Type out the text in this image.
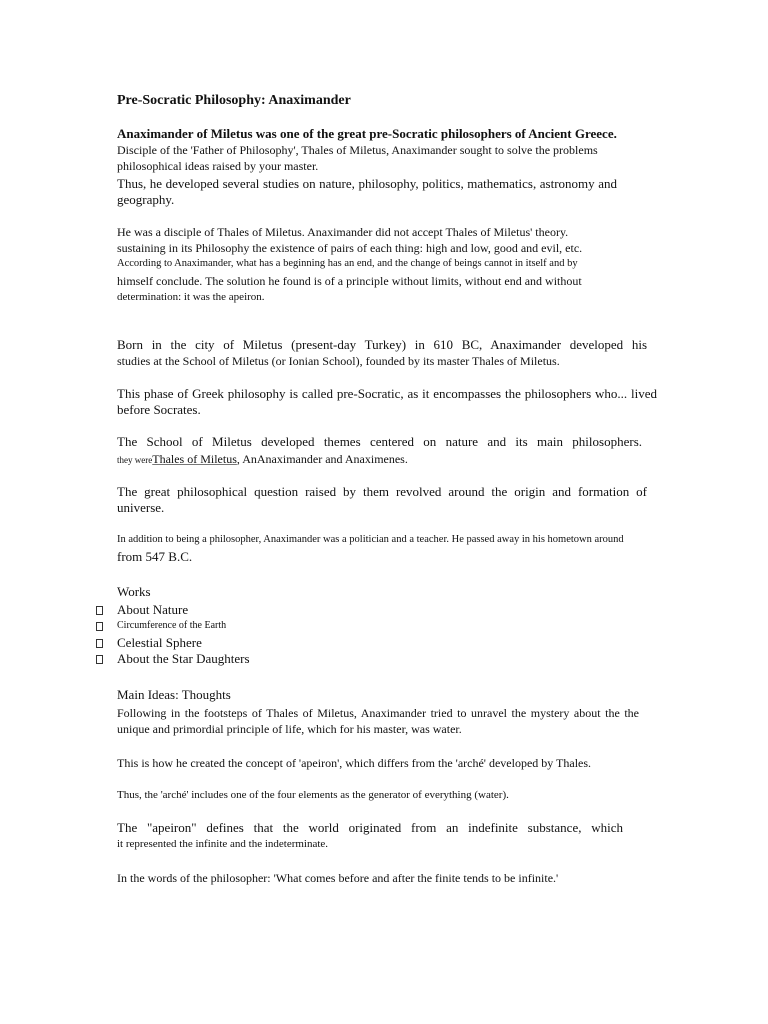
Pre-Socratic Philosophy: Anaximander

Anaximander of Miletus was one of the great pre-Socratic philosophers of Ancient Greece.

Disciple of the 'Father of Philosophy', Thales of Miletus, Anaximander sought to solve the problems

philosophical ideas raised by your master.

Thus, he developed several studies on nature, philosophy, politics, mathematics, astronomy and geography.

He was a disciple of Thales of Miletus. Anaximander did not accept Thales of Miletus' theory.

sustaining in its Philosophy the existence of pairs of each thing: high and low, good and evil, etc.

According to Anaximander, what has a beginning has an end, and the change of beings cannot in itself and by

himself conclude. The solution he found is of a principle without limits, without end and without

determination: it was the apeiron.

Born in the city of Miletus (present-day Turkey) in 610 BC, Anaximander developed his

studies at the School of Miletus (or Ionian School), founded by its master Thales of Miletus.

This phase of Greek philosophy is called pre-Socratic, as it encompasses the philosophers who... lived before Socrates.

The School of Miletus developed themes centered on nature and its main philosophers.

they wereThales of Miletus, AnAnaximander and Anaximenes.

The great philosophical question raised by them revolved around the origin and formation of universe.

In addition to being a philosopher, Anaximander was a politician and a teacher. He passed away in his hometown around

from 547 B.C.

Works

About Nature
Circumference of the Earth
Celestial Sphere
About the Star Daughters

Main Ideas: Thoughts

Following in the footsteps of Thales of Miletus, Anaximander tried to unravel the mystery about the the unique and primordial principle of life, which for his master, was water.

This is how he created the concept of 'apeiron', which differs from the 'arché' developed by Thales.

Thus, the 'arché' includes one of the four elements as the generator of everything (water).

The "apeiron" defines that the world originated from an indefinite substance, which

it represented the infinite and the indeterminate.

In the words of the philosopher: 'What comes before and after the finite tends to be infinite.'
